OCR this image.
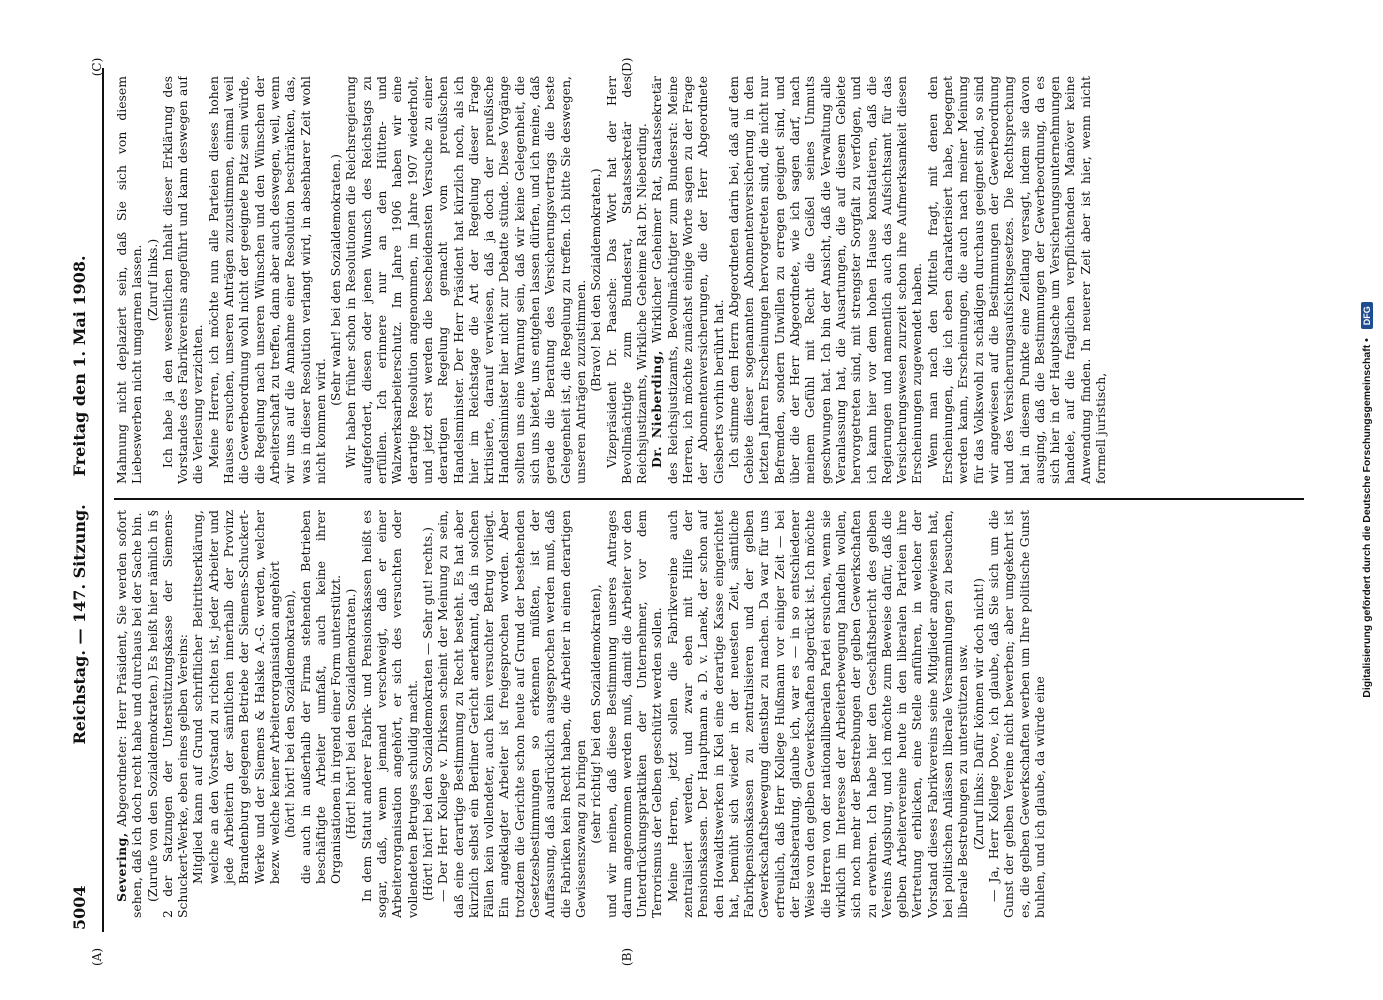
5004
Reichstag. — 147. Sitzung.     Freitag den 1. Mai 1908.

Severing, Abgeordneter: Herr Präsident, Sie werden sofort sehen, daß ich doch recht habe und durchaus bei der Sache bin. (Zurufe von den Sozialdemokraten.) Es heißt hier nämlich in § 2 der Satzungen der Unterstützungskasse der Siemens-Schuckert-Werke, eben eines gelben Vereins: Mitglied kann auf Grund schriftlicher Beitrittserklärung, welche an den Vorstand zu richten ist, jeder Arbeiter und jede Arbeiterin der sämtlichen innerhalb der Provinz Brandenburg gelegenen Betriebe der Siemens-Schuckert-Werke und der Siemens & Halske A.-G. werden, welcher bezw. welche keiner Arbeiterorganisation angehört (hört! hört! bei den Sozialdemokraten), die auch in außerhalb der Firma stehenden Betrieben beschäftigte Arbeiter umfaßt, auch keine ihrer Organisationen in irgend einer Form unterstützt. (Hört! hört! bei den Sozialdemokraten.) In dem Statut anderer Fabrik- und Pensionskassen heißt es sogar, daß, wenn jemand verschweigt, daß er einer Arbeiterorganisation angehört, er sich des versuchten oder vollendeten Betruges schuldig macht. (Hört! hört! bei den Sozialdemokraten — Sehr gut! rechts.) — Der Herr Kollege v. Dirksen scheint der Meinung zu sein, daß eine derartige Bestimmung zu Recht besteht. Es hat aber kürzlich selbst ein Berliner Gericht anerkannt, daß in solchen Fällen kein vollendeter, auch kein versuchter Betrug vorliegt. Ein angeklagter Arbeiter ist freigesprochen worden. Aber trotzdem die Gerichte schon heute auf Grund der bestehenden Gesetzesbestimmungen so erkennen müßten, ist der Auffassung, daß ausdrücklich ausgesprochen werden muß, daß die Fabriken kein Recht haben, die Arbeiter in einen derartigen Gewissenszwang zu bringen (sehr richtig! bei den Sozialdemokraten), und wir meinen, daß diese Bestimmung unseres Antrages darum angenommen werden muß, damit die Arbeiter vor den Unterdrückungspraktiken der Unternehmer, vor dem Terrorismus der Gelben geschützt werden sollen. Meine Herren, jetzt sollen die Fabrikvereine auch zentralisiert werden, und zwar eben mit Hilfe der Pensionskassen. Der Hauptmann a. D. v. Lanek, der schon auf den Howaldtswerken in Kiel eine derartige Kasse eingerichtet hat, bemüht sich wieder in der neuesten Zeit, sämtliche Fabrikpensionskassen zu zentralisieren und der gelben Gewerkschaftsbewegung dienstbar zu machen. Da war für uns erfreulich, daß Herr Kollege Hußmann vor einiger Zeit — bei der Etatsberatung, glaube ich, war es — in so entschiedener Weise von den gelben Gewerkschaften abgerückt ist. Ich möchte die Herren von der nationalliberalen Partei ersuchen, wenn sie wirklich im Interesse der Arbeiterbewegung handeln wollen, sich noch mehr der Bestrebungen der gelben Gewerkschaften zu erwehren. Ich habe hier den Geschäftsbericht des gelben Vereins Augsburg, und ich möchte zum Beweise dafür, daß die gelben Arbeitervereine heute in den liberalen Parteien ihre Vertretung erblicken, eine Stelle anführen, in welcher der Vorstand dieses Fabrikvereins seine Mitglieder angewiesen hat, bei politischen Anlässen liberale Versammlungen zu besuchen, liberale Bestrebungen zu unterstützen usw. (Zuruf links: Dafür können wir doch nicht!) — Ja, Herr Kollege Dove, ich glaube, daß Sie sich um die Gunst der gelben Vereine nicht bewerben; aber umgekehrt ist es, die gelben Gewerkschaften werben um Ihre politische Gunst buhlen, und ich glaube, da würde eine

Mahnung nicht deplaziert sein, daß Sie sich von diesem Liebeswerben nicht umgarnen lassen. (Zuruf links.) Ich habe ja den wesentlichen Inhalt dieser Erklärung des Vorstandes des Fabrikvereins angeführt und kann deswegen auf die Verlesung verzichten. Meine Herren, ich möchte nun alle Parteien dieses hohen Hauses ersuchen, unseren Anträgen zuzustimmen, einmal weil die Gewerbeordnung wohl nicht der geeignete Platz sein würde, die Regelung nach unseren Wünschen und den Wünschen der Arbeiterschaft zu treffen, dann aber auch deswegen, weil, wenn wir uns auf die Annahme einer Resolution beschränken, das, was in dieser Resolution verlangt wird, in absehbarer Zeit wohl nicht kommen wird.

(Sehr wahr! bei den Sozialdemokraten.) Wir haben früher schon in Resolutionen die Reichsregierung aufgefordert, diesen oder jenen Wunsch des Reichstags zu erfüllen. Ich erinnere nur an den Hütten- und Walzwerksarbeiterschutz. Im Jahre 1906 haben wir eine derartige Resolution angenommen, im Jahre 1907 wiederholt, und jetzt erst werden die bescheidensten Versuche zu einer derartigen Regelung gemacht vom preußischen Handelsminister. Der Herr Präsident hat kürzlich noch, als ich hier im Reichstage die Art der Regelung dieser Frage kritisierte, darauf verwiesen, daß ja doch der preußische Handelsminister hier nicht zur Debatte stünde. Diese Vorgänge sollten uns eine Warnung sein, daß wir keine Gelegenheit, die sich uns bietet, uns entgehen lassen dürfen, und ich meine, daß gerade die Beratung des Versicherungsvertrags die beste Gelegenheit ist, die Regelung zu treffen. Ich bitte Sie deswegen, unseren Anträgen zuzustimmen. (Bravo! bei den Sozialdemokraten.) Vizepräsident Dr. Paasche: Das Wort hat der Herr Bevollmächtigte zum Bundesrat, Staatssekretär des Reichsjustizamts, Wirkliche Geheime Rat Dr. Nieberding. Dr. Nieberding, Wirklicher Geheimer Rat, Staatssekretär des Reichsjustizamts, Bevollmächtigter zum Bundesrat: Meine Herren, ich möchte zunächst einige Worte sagen zu der Frage der Abonnentenversicherungen, die der Herr Abgeordnete Giesberts vorhin berührt hat. Ich stimme dem Herrn Abgeordneten darin bei, daß auf dem Gebiete dieser sogenannten Abonnentenversicherung in den letzten Jahren Erscheinungen hervorgetreten sind, die nicht nur Befremden, sondern Unwillen zu erregen geeignet sind, und über die der Herr Abgeordnete, wie ich sagen darf, nach meinem Gefühl mit Recht die Geißel seines Unmuts geschwungen hat. Ich bin der Ansicht, daß die Verwaltung alle Veranlassung hat, die Ausartungen, die auf diesem Gebiete hervorgetreten sind, mit strengster Sorgfalt zu verfolgen, und ich kann hier vor dem hohen Hause konstatieren, daß die Regierungen und namentlich auch das Aufsichtsamt für das Versicherungswesen zurzeit schon ihre Aufmerksamkeit diesen Erscheinungen zugewendet haben. Wenn man nach den Mitteln fragt, mit denen den Erscheinungen, die ich eben charakterisiert habe, begegnet werden kann, Erscheinungen, die auch nach meiner Meinung für das Volkswohl zu schädigen durchaus geeignet sind, so sind wir angewiesen auf die Bestimmungen der Gewerbeordnung und des Versicherungsaufsichtsgesetzes. Die Rechtsprechung hat in diesem Punkte eine Zeitlang versagt, indem sie davon ausging, daß die Bestimmungen der Gewerbeordnung, da es sich hier in der Hauptsache um Versicherungsunternehmungen handele, auf die fraglichen verpflichtenden Manöver keine Anwendung finden. In neuerer Zeit aber ist hier, wenn nicht formell juristisch,

(A)	(B)
(C)	(D)
Digitalisierung gefördert durch die Deutsche Forschungsgemeinschaft • DFG
